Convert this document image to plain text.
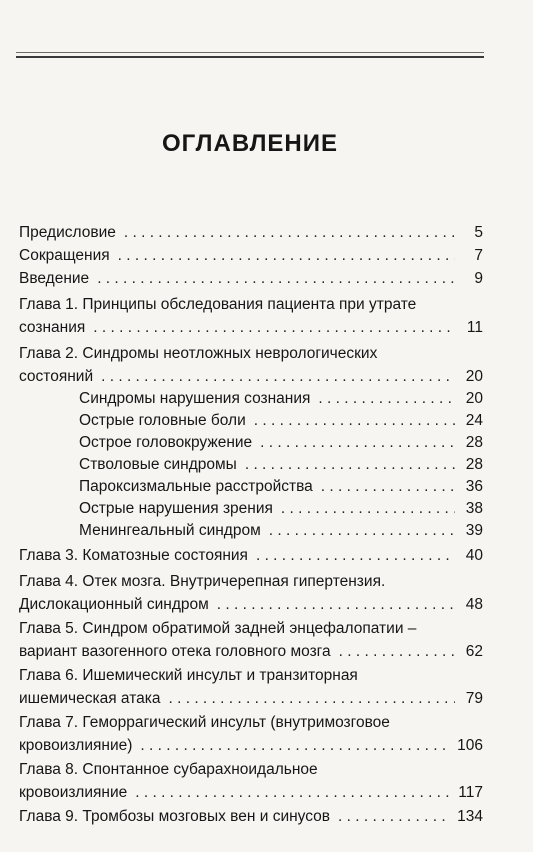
ОГЛАВЛЕНИЕ
Предисловие . . .	5
Сокращения . . .	7
Введение . . .	9
Глава 1. Принципы обследования пациента при утрате
сознания . . .	11
Глава 2. Синдромы неотложных неврологических
состояний . . .	20
Синдромы нарушения сознания . . .	20
Острые головные боли . . .	24
Острое головокружение . . .	28
Стволовые синдромы . . .	28
Пароксизмальные расстройства . . .	36
Острые нарушения зрения . . .	38
Менингеальный синдром . . .	39
Глава 3. Коматозные состояния . . .	40
Глава 4. Отек мозга. Внутричерепная гипертензия.
Дислокационный синдром . . .	48
Глава 5. Синдром обратимой задней энцефалопатии –
вариант вазогенного отека головного мозга . . .	62
Глава 6. Ишемический инсульт и транзиторная
ишемическая атака . . .	79
Глава 7. Геморрагический инсульт (внутримозговое
кровоизлияние) . . .	106
Глава 8. Спонтанное субарахноидальное
кровоизлияние . . .	117
Глава 9. Тромбозы мозговых вен и синусов . . .	134
